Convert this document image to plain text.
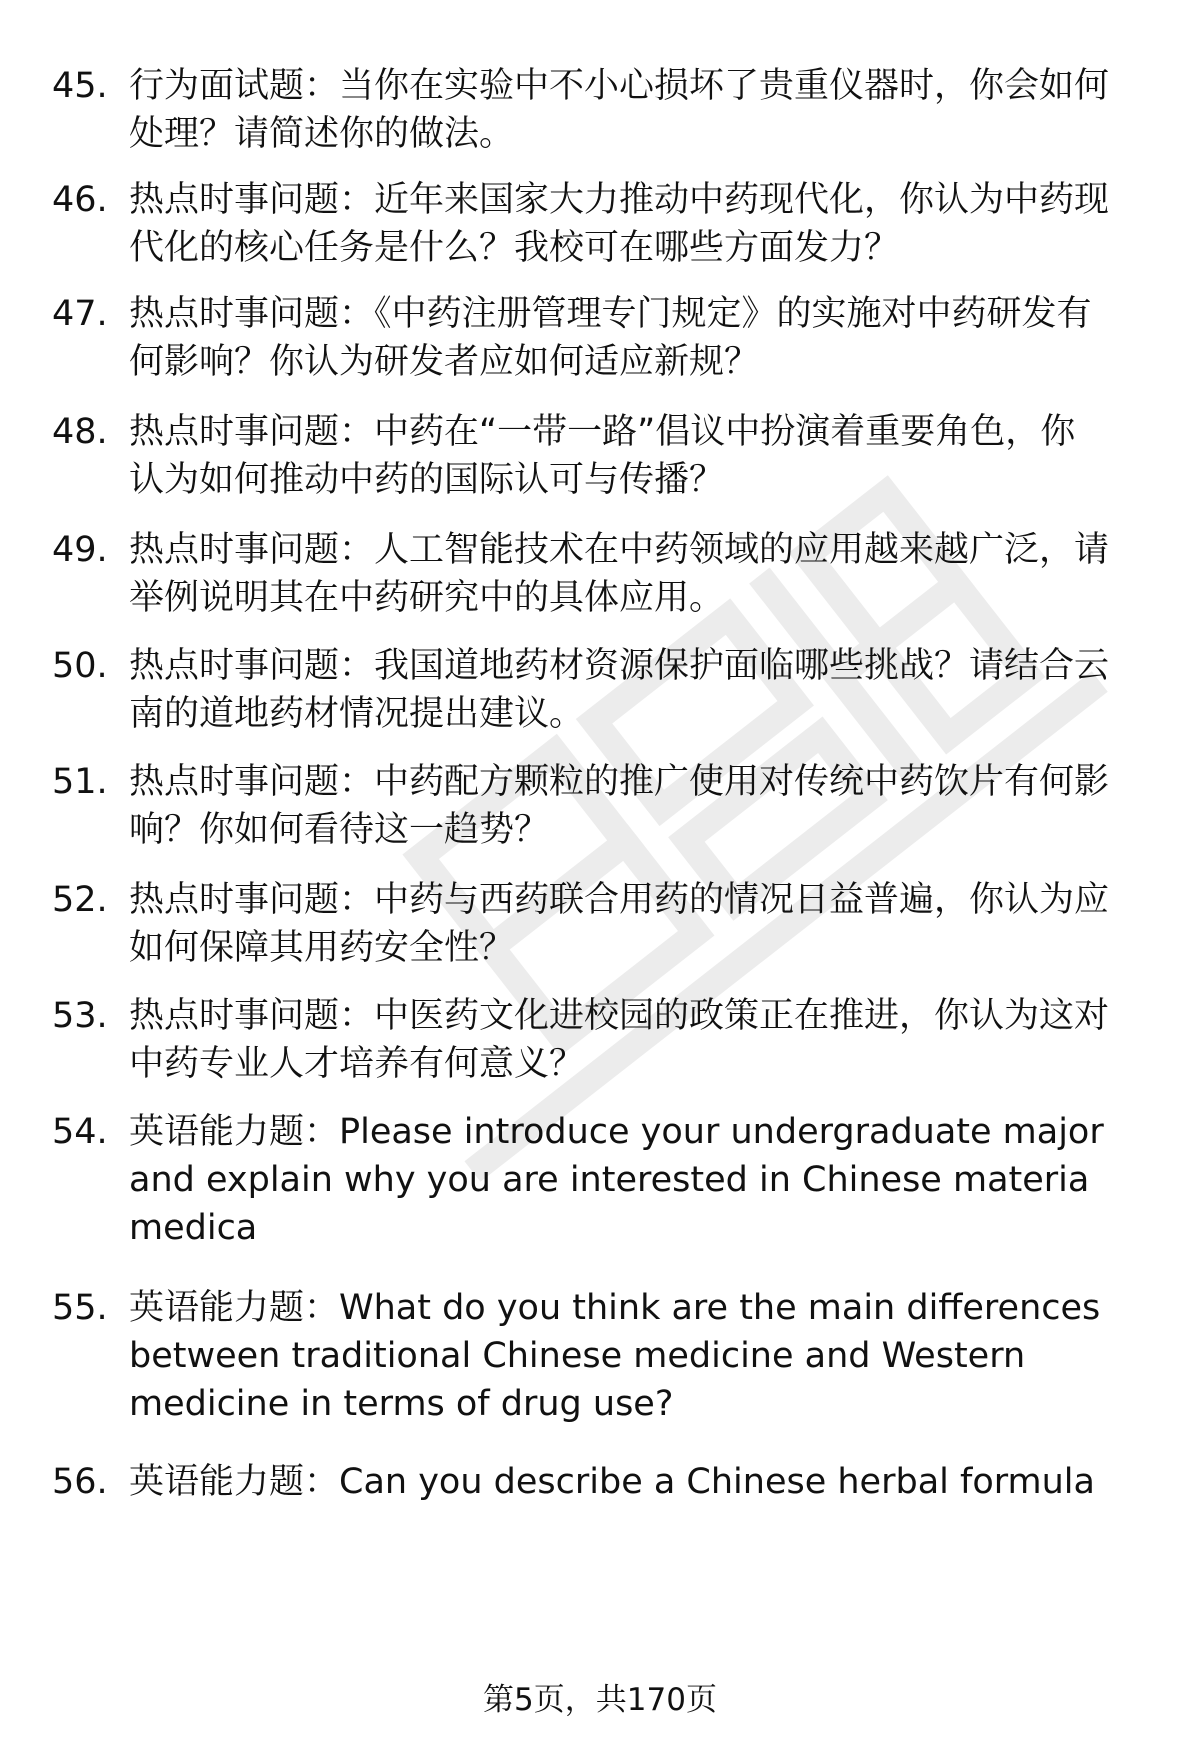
45. 行为面试题：当你在实验中不小心损坏了贵重仪器时，你会如何
处理？请简述你的做法。
46. 热点时事问题：近年来国家大力推动中药现代化，你认为中药现
代化的核心任务是什么？我校可在哪些方面发力？
47. 热点时事问题：《中药注册管理专门规定》的实施对中药研发有
何影响？你认为研发者应如何适应新规？
48. 热点时事问题：中药在“一带一路”倡议中扮演着重要角色，你
认为如何推动中药的国际认可与传播？
49. 热点时事问题：人工智能技术在中药领域的应用越来越广泛，请
举例说明其在中药研究中的具体应用。
50. 热点时事问题：我国道地药材资源保护面临哪些挑战？请结合云
南的道地药材情况提出建议。
51. 热点时事问题：中药配方颗粒的推广使用对传统中药饮片有何影
响？你如何看待这一趋势？
52. 热点时事问题：中药与西药联合用药的情况日益普遍，你认为应
如何保障其用药安全性？
53. 热点时事问题：中医药文化进校园的政策正在推进，你认为这对
中药专业人才培养有何意义？
54. 英语能力题：Please introduce your undergraduate major
and explain why you are interested in Chinese materia
medica
55. 英语能力题：What do you think are the main differences
between traditional Chinese medicine and Western
medicine in terms of drug use?
56. 英语能力题：Can you describe a Chinese herbal formula
第5页，共170页
